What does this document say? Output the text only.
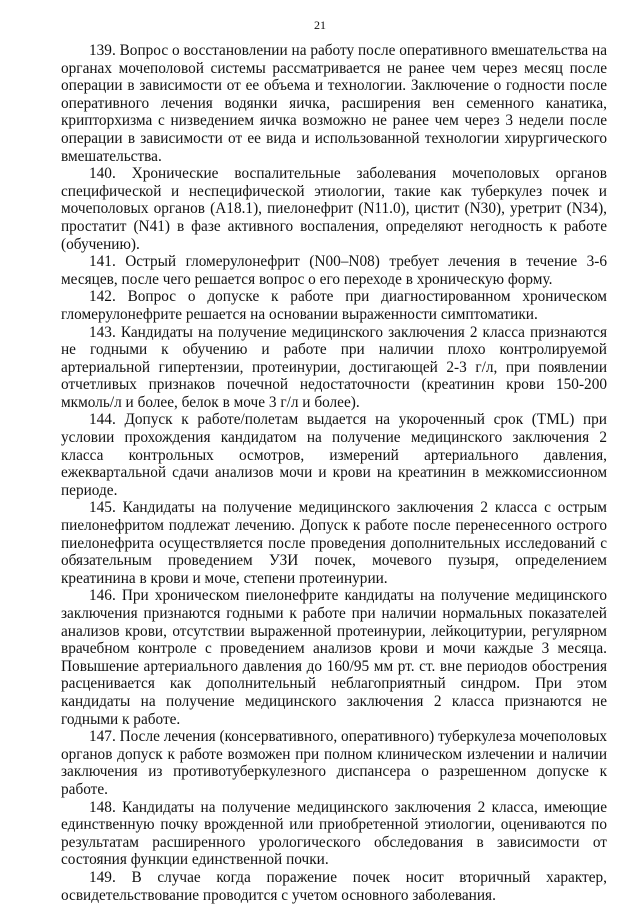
21

139. Вопрос о восстановлении на работу после оперативного вмешательства на органах мочеполовой системы рассматривается не ранее чем через месяц после операции в зависимости от ее объема и технологии. Заключение о годности после оперативного лечения водянки яичка, расширения вен семенного канатика, крипторхизма с низведением яичка возможно не ранее чем через 3 недели после операции в зависимости от ее вида и использованной технологии хирургического вмешательства.

140. Хронические воспалительные заболевания мочеполовых органов специфической и неспецифической этиологии, такие как туберкулез почек и мочеполовых органов (A18.1), пиелонефрит (N11.0), цистит (N30), уретрит (N34), простатит (N41) в фазе активного воспаления, определяют негодность к работе (обучению).

141. Острый гломерулонефрит (N00–N08) требует лечения в течение 3-6 месяцев, после чего решается вопрос о его переходе в хроническую форму.

142. Вопрос о допуске к работе при диагностированном хроническом гломерулонефрите решается на основании выраженности симптоматики.

143. Кандидаты на получение медицинского заключения 2 класса признаются не годными к обучению и работе при наличии плохо контролируемой артериальной гипертензии, протеинурии, достигающей 2-3 г/л, при появлении отчетливых признаков почечной недостаточности (креатинин крови 150-200 мкмоль/л и более, белок в моче 3 г/л и более).

144. Допуск к работе/полетам выдается на укороченный срок (TML) при условии прохождения кандидатом на получение медицинского заключения 2 класса контрольных осмотров, измерений артериального давления, ежеквартальной сдачи анализов мочи и крови на креатинин в межкомиссионном периоде.

145. Кандидаты на получение медицинского заключения 2 класса с острым пиелонефритом подлежат лечению. Допуск к работе после перенесенного острого пиелонефрита осуществляется после проведения дополнительных исследований с обязательным проведением УЗИ почек, мочевого пузыря, определением креатинина в крови и моче, степени протеинурии.

146. При хроническом пиелонефрите кандидаты на получение медицинского заключения признаются годными к работе при наличии нормальных показателей анализов крови, отсутствии выраженной протеинурии, лейкоцитурии, регулярном врачебном контроле с проведением анализов крови и мочи каждые 3 месяца. Повышение артериального давления до 160/95 мм рт. ст. вне периодов обострения расценивается как дополнительный неблагоприятный синдром. При этом кандидаты на получение медицинского заключения 2 класса признаются не годными к работе.

147. После лечения (консервативного, оперативного) туберкулеза мочеполовых органов допуск к работе возможен при полном клиническом излечении и наличии заключения из противотуберкулезного диспансера о разрешенном допуске к работе.

148. Кандидаты на получение медицинского заключения 2 класса, имеющие единственную почку врожденной или приобретенной этиологии, оцениваются по результатам расширенного урологического обследования в зависимости от состояния функции единственной почки.

149. В случае когда поражение почек носит вторичный характер, освидетельствование проводится с учетом основного заболевания.
